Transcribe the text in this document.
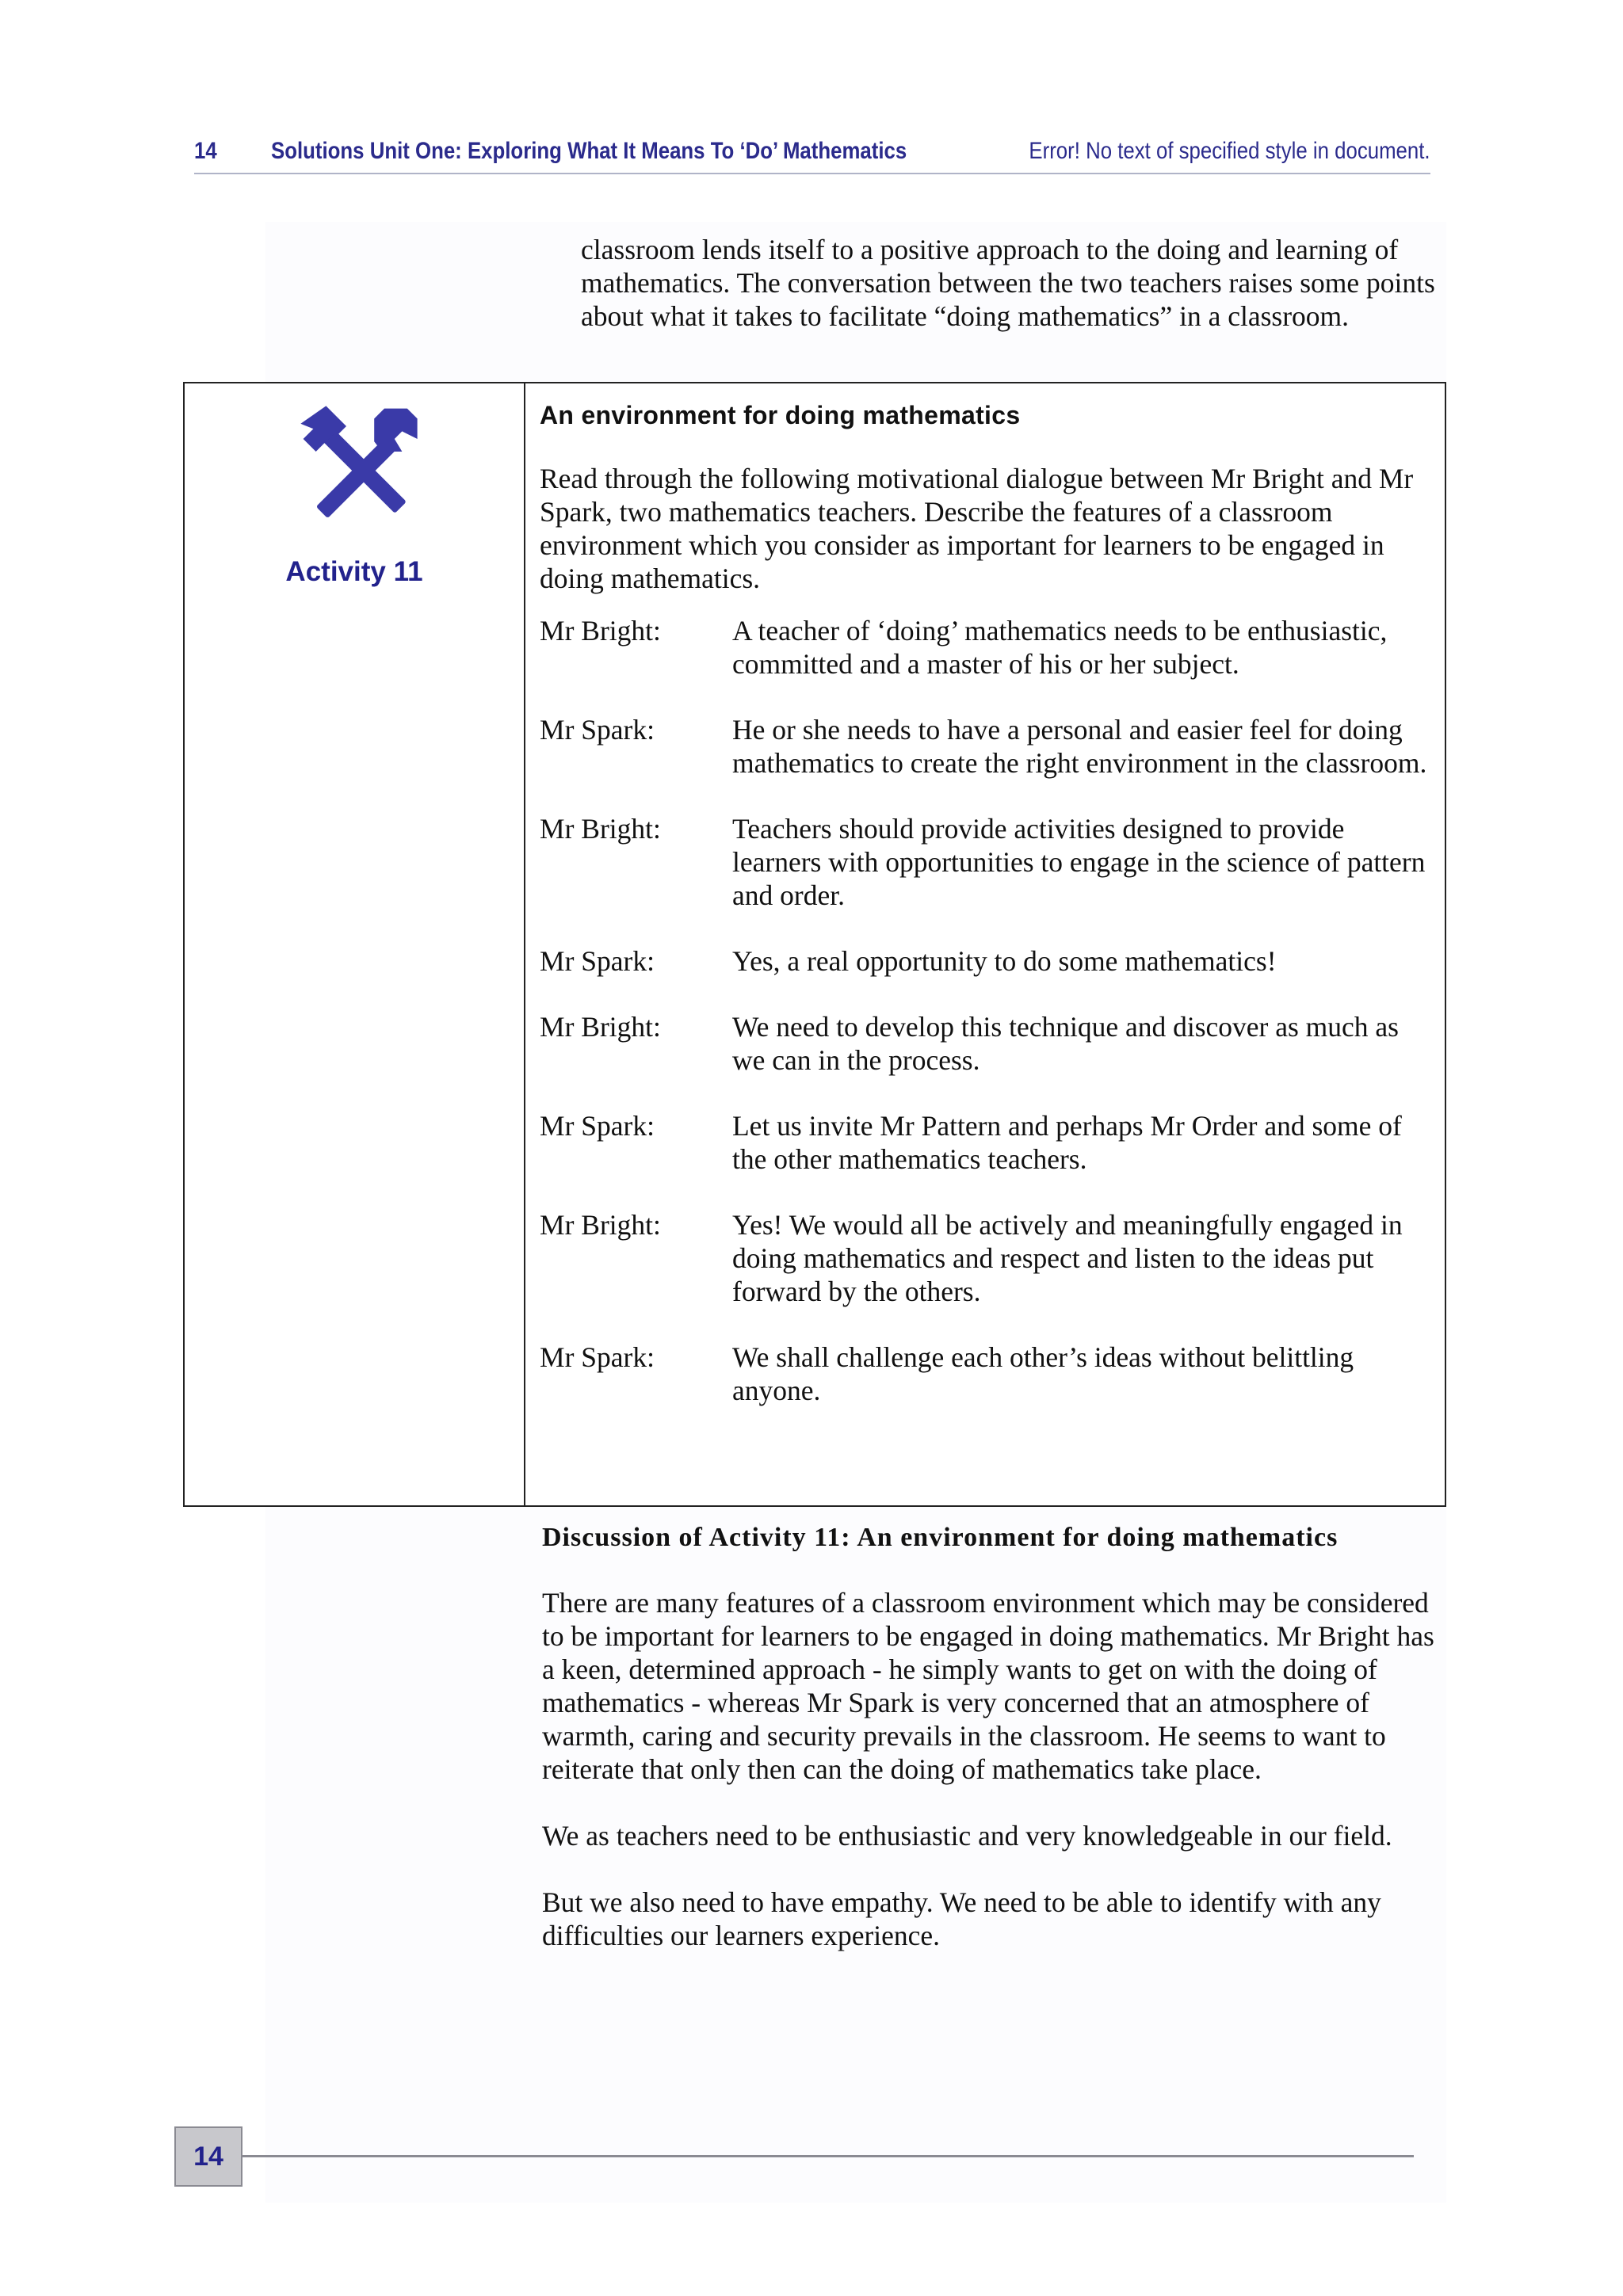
14 Solutions Unit One: Exploring What It Means To ‘Do’ Mathematics	Error! No text of specified style in document.
classroom lends itself to a positive approach to the doing and learning of mathematics. The conversation between the two teachers raises some points about what it takes to facilitate “doing mathematics” in a classroom.
Activity 11
An environment for doing mathematics
Read through the following motivational dialogue between Mr Bright and Mr Spark, two mathematics teachers. Describe the features of a classroom environment which you consider as important for learners to be engaged in doing mathematics.
Mr Bright:	A teacher of ‘doing’ mathematics needs to be enthusiastic, committed and a master of his or her subject.
Mr Spark:	He or she needs to have a personal and easier feel for doing mathematics to create the right environment in the classroom.
Mr Bright:	Teachers should provide activities designed to provide learners with opportunities to engage in the science of pattern and order.
Mr Spark:	Yes, a real opportunity to do some mathematics!
Mr Bright:	We need to develop this technique and discover as much as we can in the process.
Mr Spark:	Let us invite Mr Pattern and perhaps Mr Order and some of the other mathematics teachers.
Mr Bright:	Yes! We would all be actively and meaningfully engaged in doing mathematics and respect and listen to the ideas put forward by the others.
Mr Spark:	We shall challenge each other’s ideas without belittling anyone.
Discussion of Activity 11: An environment for doing mathematics
There are many features of a classroom environment which may be considered to be important for learners to be engaged in doing mathematics. Mr Bright has a keen, determined approach - he simply wants to get on with the doing of mathematics - whereas Mr Spark is very concerned that an atmosphere of warmth, caring and security prevails in the classroom. He seems to want to reiterate that only then can the doing of mathematics take place.
We as teachers need to be enthusiastic and very knowledgeable in our field.
But we also need to have empathy. We need to be able to identify with any difficulties our learners experience.
14
